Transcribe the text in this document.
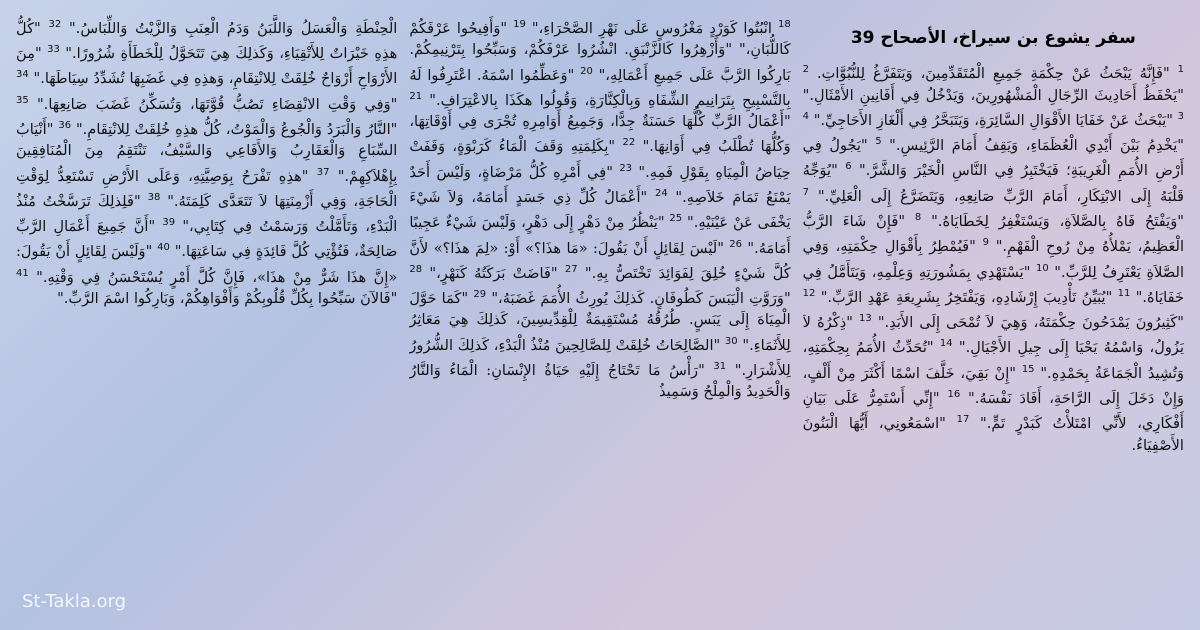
سفر يشوع بن سيراخ، الأصحاح 39
$^1$ "فَإِنَّهُ يَبْحَثُ عَنْ حِكْمَةِ جَمِيعِ الْمُتَقَدِّمِينَ، وَيَتَفَرَّغُ لِلنُّبُوَّاتِ. $^2$ "يَحْفَظُ أَحَادِيثَ الرِّجَالِ الْمَشْهُورِينَ، وَيَدْخُلُ فِي أَفَانِينِ الأَمْثَالِ." $^3$ "يَبْحَثُ عَنْ خَفَايَا الأَقْوَالِ السَّائِرَةِ، وَيَتَبَحَّرُ فِي أَلْغَازِ الأَحَاجِيِّ." $^4$ "يَخْدِمُ بَيْنَ أَيْدِي الْعُظَمَاءِ، وَيَقِفُ أَمَامَ الرَّئِيسِ." $^5$ "يَجُولُ فِي أَرْضِ الأُمَمِ الْغَرِيبَةِ؛ فَيَخْتَبِرُ فِي النَّاسِ الْخَيْرَ وَالشَّرَّ." $^6$ "يُوَجِّهُ قَلْبَهُ إِلَى الابْتِكَارِ، أَمَامَ الرَّبِّ صَانِعِهِ، وَيَتَضَرَّعُ إِلَى الْعَلِيِّ." $^7$ "وَيَفْتَحُ فَاهُ بِالصَّلاَةِ، وَيَسْتَغْفِرُ لِخَطَايَاهُ." $^8$ "فَإِنْ شَاءَ الرَّبُّ الْعَظِيمُ، يَمْلأُهُ مِنْ رُوحِ الْفَهْمِ." $^9$ "فَيُمْطِرُ بِأَقْوَالِ حِكْمَتِهِ، وَفِي الصَّلاَةِ يَعْتَرِفُ لِلرَّبِّ." $^{10}$ "يَسْتَهْدِي بِمَشُورَتِهِ وَعِلْمِهِ، وَيَتَأَمَّلُ فِي خَفَايَاهُ." $^{11}$ "يُبَيِّنُ تَأْدِيبَ إِرْشَادِهِ، وَيَفْتَخِرُ بِشَرِيعَةِ عَهْدِ الرَّبِّ." $^{12}$ "كَثِيرُونَ يَمْدَحُونَ حِكْمَتَهُ، وَهِيَ لاَ تُمْحَى إِلَى الأَبَدِ." $^{13}$ "ذِكْرُهُ لاَ يَزُولُ، وَاسْمُهُ يَحْيَا إِلَى جِيلِ الأَجْيَالِ." $^{14}$ "تُحَدِّثُ الأُمَمُ بِحِكْمَتِهِ، وَتُشِيدُ الْجَمَاعَةُ بِحَمْدِهِ." $^{15}$ "إِنْ بَقِيَ، خَلَّفَ اسْمًا أَكْثَرَ مِنْ أَلْفٍ، وَإِنْ دَخَلَ إِلَى الرَّاحَةِ، أَفَادَ نَفْسَهُ." $^{16}$ "إِنِّي أَسْتَمِرُّ عَلَى بَيَانِ أَفْكَارِي، لأَنِّي امْتَلأْتُ كَبَدْرٍ تَمٍّ." $^{17}$ "اسْمَعُونِي، أَيُّهَا الْبَنُونَ الأَصْفِيَاءُ.
$^{18}$ انْبُتُوا كَوَرْدٍ مَغْرُوسٍ عَلَى نَهْرِ الصَّحْرَاءِ،" $^{19}$ "وَأَفِيحُوا عَرْفَكُمْ كَاللُّبَانِ،" "وَأَزْهِرُوا كَالزَّنْبَقِ. انْشُرُوا عَرْفَكُمْ، وَسَبِّحُوا بِتَرْنِيمِكُمْ. بَارِكُوا الرَّبَّ عَلَى جَمِيعِ أَعْمَالِهِ،" $^{20}$ "وَعَظِّمُوا اسْمَهُ. اعْتَرِفُوا لَهُ بِالتَّسْبِيحِ بِتَرَانِيمِ الشِّفَاهِ وَبِالْكِنَّارَةِ، وَقُولُوا هكَذَا بِالاعْتِرَافِ." $^{21}$ "أَعْمَالُ الرَّبِّ كُلُّهَا حَسَنَةٌ جِدًّا، وَجَمِيعُ أَوَامِرِهِ تُجْرَى فِي أَوْقَاتِهَا، وَكُلُّهَا تُطْلَبُ فِي أَوَانِهَا." $^{22}$ "بِكَلِمَتِهِ وَقَفَ الْمَاءُ كَرَبْوَةٍ، وَقَفَتْ حِيَاضُ الْمِيَاهِ بِقَوْلِ فَمِهِ." $^{23}$ "فِي أَمْرِهِ كُلُّ مَرْضَاةٍ، وَلَيْسَ أَحَدٌ يَمْنَعُ تَمَامَ خَلاَصِهِ." $^{24}$ "أَعْمَالُ كُلِّ ذِي جَسَدٍ أَمَامَهُ، وَلاَ شَيْءَ يَخْفَى عَنْ عَيْنَيْهِ." $^{25}$ "يَنْظُرُ مِنْ دَهْرٍ إِلَى دَهْرٍ، وَلَيْسَ شَيْءٌ عَجِيبًا أَمَامَهُ." $^{26}$ "لَيْسَ لِقَائِلٍ أَنْ يَقُولَ: «مَا هذَا؟» أَوْ: «لِمَ هذَا؟» لأَنَّ كُلَّ شَيْءٍ خُلِقَ لِفَوَائِدَ تَخْتَصُّ بِهِ." $^{27}$ "فَاضَتْ بَرَكَتُهُ كَنَهْرٍ،" $^{28}$ "وَرَوَّتِ الْيَبَسَ كَطُوفَانٍ. كَذلِكَ يُورِثُ الأُمَمَ غَضَبَهُ،" $^{29}$ "كَمَا حَوَّلَ الْمِيَاهَ إِلَى يَبَسٍ. طُرُقُهُ مُسْتَقِيمَةٌ لِلْقِدِّيسِينَ، كَذلِكَ هِيَ مَعَاثِرُ لِلأَثَمَاءِ." $^{30}$ "الصَّالِحَاتُ خُلِقَتْ لِلصَّالِحِينَ مُنْذُ الْبَدْءِ، كَذلِكَ الشُّرُورُ لِلأَشْرَارِ." $^{31}$ "رَأْسُ مَا تَحْتَاجُ إِلَيْهِ حَيَاةُ الإِنْسَانِ: الْمَاءُ وَالنَّارُ وَالْحَدِيدُ وَالْمِلْحُ وَسَمِيذُ
الْحِنْطَةِ وَالْعَسَلُ وَاللَّبَنُ وَدَمُ الْعِنَبِ وَالزَّيْتُ وَاللِّبَاسُ." $^{32}$ "كُلُّ هذِهِ خَيْرَاتٌ لِلأَتْقِيَاءِ، وَكَذلِكَ هِيَ تَتَحَوَّلُ لِلْخَطَأَةِ شُرُورًا." $^{33}$ "مِنَ الأَرْوَاحِ أَرْوَاحٌ خُلِقَتْ لِلانْتِقَامِ، وَهذِهِ فِي غَضَبِهَا تُشَدِّدُ سِيَاطَهَا." $^{34}$ "وَفِي وَقْتِ الانْقِضَاءِ تَصُبُّ قُوَّتَهَا، وَتُسَكِّنُ غَضَبَ صَانِعِهَا." $^{35}$ "النَّارُ وَالْبَرَدُ وَالْجُوعُ وَالْمَوْتُ، كُلُّ هذِهِ خُلِقَتْ لِلانْتِقَامِ." $^{36}$ "أَنْيَابُ السِّبَاعِ وَالْعَقَارِبُ وَالأَفَاعِي وَالسَّيْفُ، تَنْتَقِمُ مِنَ الْمُنَافِقِينَ بِإِهْلاَكِهِمْ." $^{37}$ "هذِهِ تَفْرَحُ بِوَصِيَّتِهِ، وَعَلَى الأَرْضِ تَسْتَعِدُّ لِوَقْتِ الْحَاجَةِ، وَفِي أَزْمِنَتِهَا لاَ تَتَعَدَّى كَلِمَتَهُ." $^{38}$ "فَلِذلِكَ تَرَسَّخْتُ مُنْذُ الْبَدْءِ، وَتَأَمَّلْتُ وَرَسَمْتُ فِي كِتَابِي،" $^{39}$ "أَنَّ جَمِيعَ أَعْمَالِ الرَّبِّ صَالِحَةٌ، فَتُؤْتِي كُلَّ فَائِدَةٍ فِي سَاعَتِهَا." $^{40}$ "وَلَيْسَ لِقَائِلٍ أَنْ يَقُولَ: «إِنَّ هذَا شَرٌّ مِنْ هذَا»، فَإِنَّ كُلَّ أَمْرٍ يُسْتَحْسَنُ فِي وَقْتِهِ." $^{41}$ "فَالآنَ سَبِّحُوا بِكُلِّ قُلُوبِكُمْ وَأَفْوَاهِكُمْ، وَبَارِكُوا اسْمَ الرَّبِّ."
St-Takla.org
